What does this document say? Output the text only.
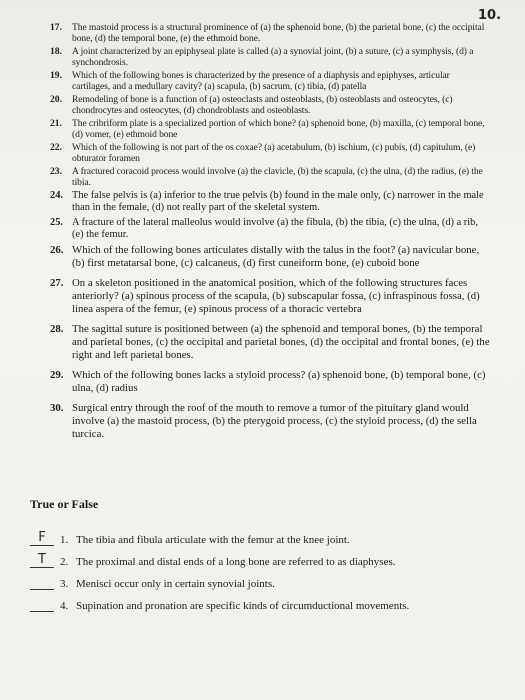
10.
17.	The mastoid process is a structural prominence of (a) the sphenoid bone, (b) the parietal bone, (c) the occipital bone, (d) the temporal bone, (e) the ethmoid bone.
18.	A joint characterized by an epiphyseal plate is called (a) a synovial joint, (b) a suture, (c) a symphysis, (d) a synchondrosis.
19.	Which of the following bones is characterized by the presence of a diaphysis and epiphyses, articular cartilages, and a medullary cavity? (a) scapula, (b) sacrum, (c) tibia, (d) patella
20.	Remodeling of bone is a function of (a) osteoclasts and osteoblasts, (b) osteoblasts and osteocytes, (c) chondrocytes and osteocytes, (d) chondroblasts and osteoblasts.
21.	The cribriform plate is a specialized portion of which bone? (a) sphenoid bone, (b) maxilla, (c) temporal bone, (d) vomer, (e) ethmoid bone
22.	Which of the following is not part of the os coxae? (a) acetabulum, (b) ischium, (c) pubis, (d) capitulum, (e) obturator foramen
23.	A fractured coracoid process would involve (a) the clavicle, (b) the scapula, (c) the ulna, (d) the radius, (e) the tibia.
24. The false pelvis is (a) inferior to the true pelvis (b) found in the male only, (c) narrower in the male than in the female, (d) not really part of the skeletal system.
25. A fracture of the lateral malleolus would involve (a) the fibula, (b) the tibia, (c) the ulna, (d) a rib, (e) the femur.
26. Which of the following bones articulates distally with the talus in the foot? (a) navicular bone, (b) first metatarsal bone, (c) calcaneus, (d) first cuneiform bone, (e) cuboid bone
27. On a skeleton positioned in the anatomical position, which of the following structures faces anteriorly? (a) spinous process of the scapula, (b) subscapular fossa, (c) infraspinous fossa, (d) linea aspera of the femur, (e) spinous process of a thoracic vertebra
28. The sagittal suture is positioned between (a) the sphenoid and temporal bones, (b) the temporal and parietal bones, (c) the occipital and parietal bones, (d) the occipital and frontal bones, (e) the right and left parietal bones.
29. Which of the following bones lacks a styloid process? (a) sphenoid bone, (b) temporal bone, (c) ulna, (d) radius
30. Surgical entry through the roof of the mouth to remove a tumor of the pituitary gland would involve (a) the mastoid process, (b) the pterygoid process, (c) the styloid process, (d) the sella turcica.
True or False
F	1. The tibia and fibula articulate with the femur at the knee joint.
T	2. The proximal and distal ends of a long bone are referred to as diaphyses.
3. Menisci occur only in certain synovial joints.
4. Supination and pronation are specific kinds of circumductional movements.
